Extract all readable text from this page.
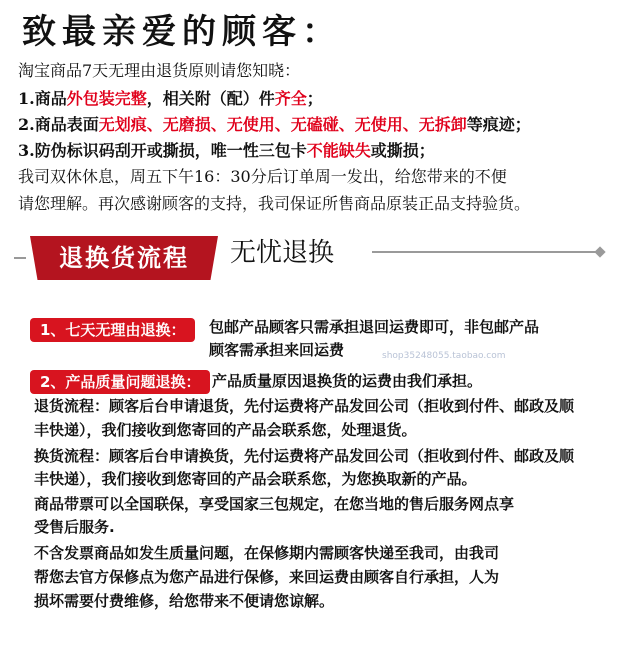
致最亲爱的顾客：
淘宝商品7天无理由退货原则请您知晓：
1.商品外包装完整，相关附（配）件齐全；
2.商品表面无划痕、无磨损、无使用、无磕碰、无使用、无拆卸等痕迹；
3.防伪标识码刮开或撕损，唯一性三包卡不能缺失或撕损；
我司双休休息，周五下午16：30分后订单周一发出，给您带来的不便
请您理解。再次感谢顾客的支持，我司保证所售商品原装正品支持验货。
退换货流程	无忧退换
1、七天无理由退换：	包邮产品顾客只需承担退回运费即可，非包邮产品
顾客需承担来回运费	shop35248055.taobao.com
2、产品质量问题退换： 产品质量原因退换货的运费由我们承担。
退货流程：顾客后台申请退货，先付运费将产品发回公司（拒收到付件、邮政及顺
丰快递），我们接收到您寄回的产品会联系您，处理退货。
换货流程：顾客后台申请换货，先付运费将产品发回公司（拒收到付件、邮政及顺
丰快递），我们接收到您寄回的产品会联系您，为您换取新的产品。
商品带票可以全国联保，享受国家三包规定，在您当地的售后服务网点享
受售后服务.
不含发票商品如发生质量问题，在保修期内需顾客快递至我司，由我司
帮您去官方保修点为您产品进行保修，来回运费由顾客自行承担，人为
损坏需要付费维修，给您带来不便请您谅解。
